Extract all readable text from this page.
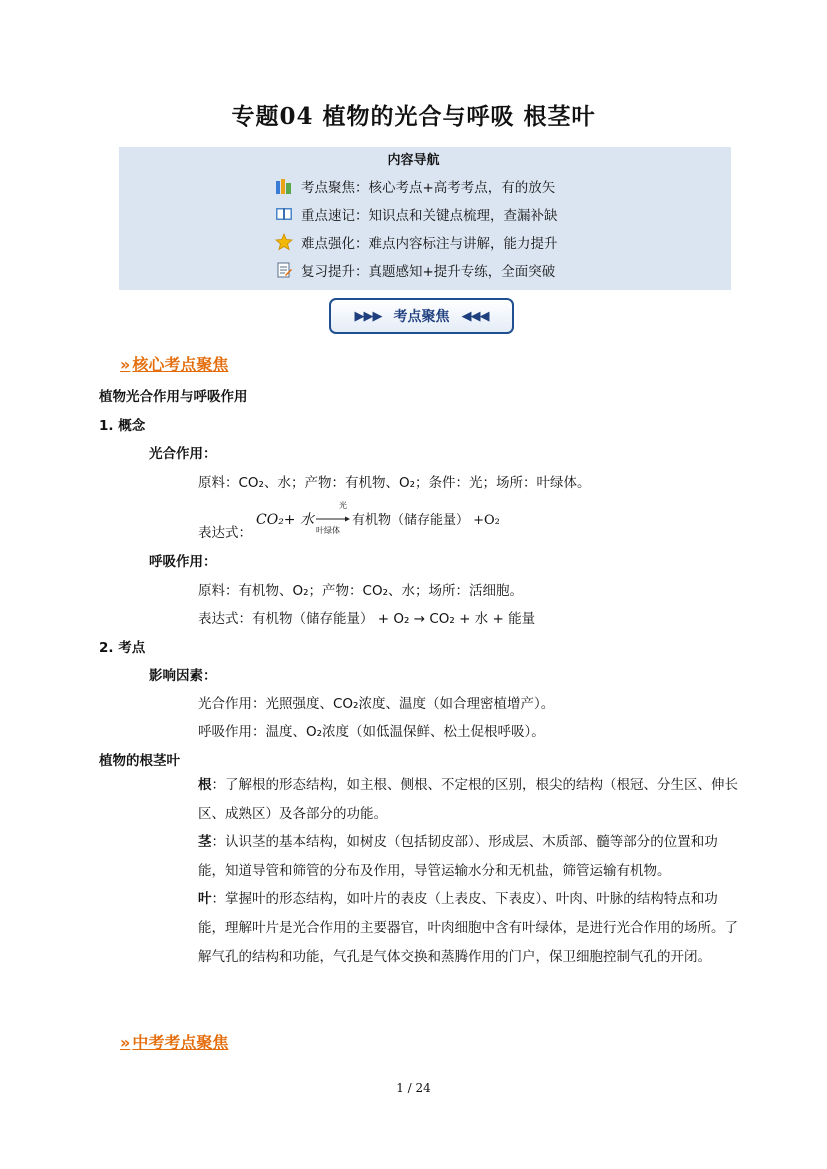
专题04 植物的光合与呼吸 根茎叶
内容导航
考点聚焦：核心考点+高考考点，有的放矢
重点速记：知识点和关键点梳理，查漏补缺
难点强化：难点内容标注与讲解，能力提升
复习提升：真题感知+提升专练，全面突破
▶▶▶ 考点聚焦 ◀◀◀
» 核心考点聚焦
植物光合作用与呼吸作用
1. 概念
光合作用：
原料：CO₂、水；产物：有机物、O₂；条件：光；场所：叶绿体。
表达式：
CO₂+ 水
光
叶绿体
有机物（储存能量） +O₂
呼吸作用：
原料：有机物、O₂；产物：CO₂、水；场所：活细胞。
表达式：有机物（储存能量） + O₂ → CO₂ + 水 + 能量
2. 考点
影响因素：
光合作用：光照强度、CO₂浓度、温度（如合理密植增产）。
呼吸作用：温度、O₂浓度（如低温保鲜、松土促根呼吸）。
植物的根茎叶
根：了解根的形态结构，如主根、侧根、不定根的区别，根尖的结构（根冠、分生区、伸长区、成熟区）及各部分的功能。
茎：认识茎的基本结构，如树皮（包括韧皮部）、形成层、木质部、髓等部分的位置和功能，知道导管和筛管的分布及作用，导管运输水分和无机盐，筛管运输有机物。
叶：掌握叶的形态结构，如叶片的表皮（上表皮、下表皮）、叶肉、叶脉的结构特点和功能，理解叶片是光合作用的主要器官，叶肉细胞中含有叶绿体，是进行光合作用的场所。了解气孔的结构和功能，气孔是气体交换和蒸腾作用的门户，保卫细胞控制气孔的开闭。
» 中考考点聚焦
1 / 24
